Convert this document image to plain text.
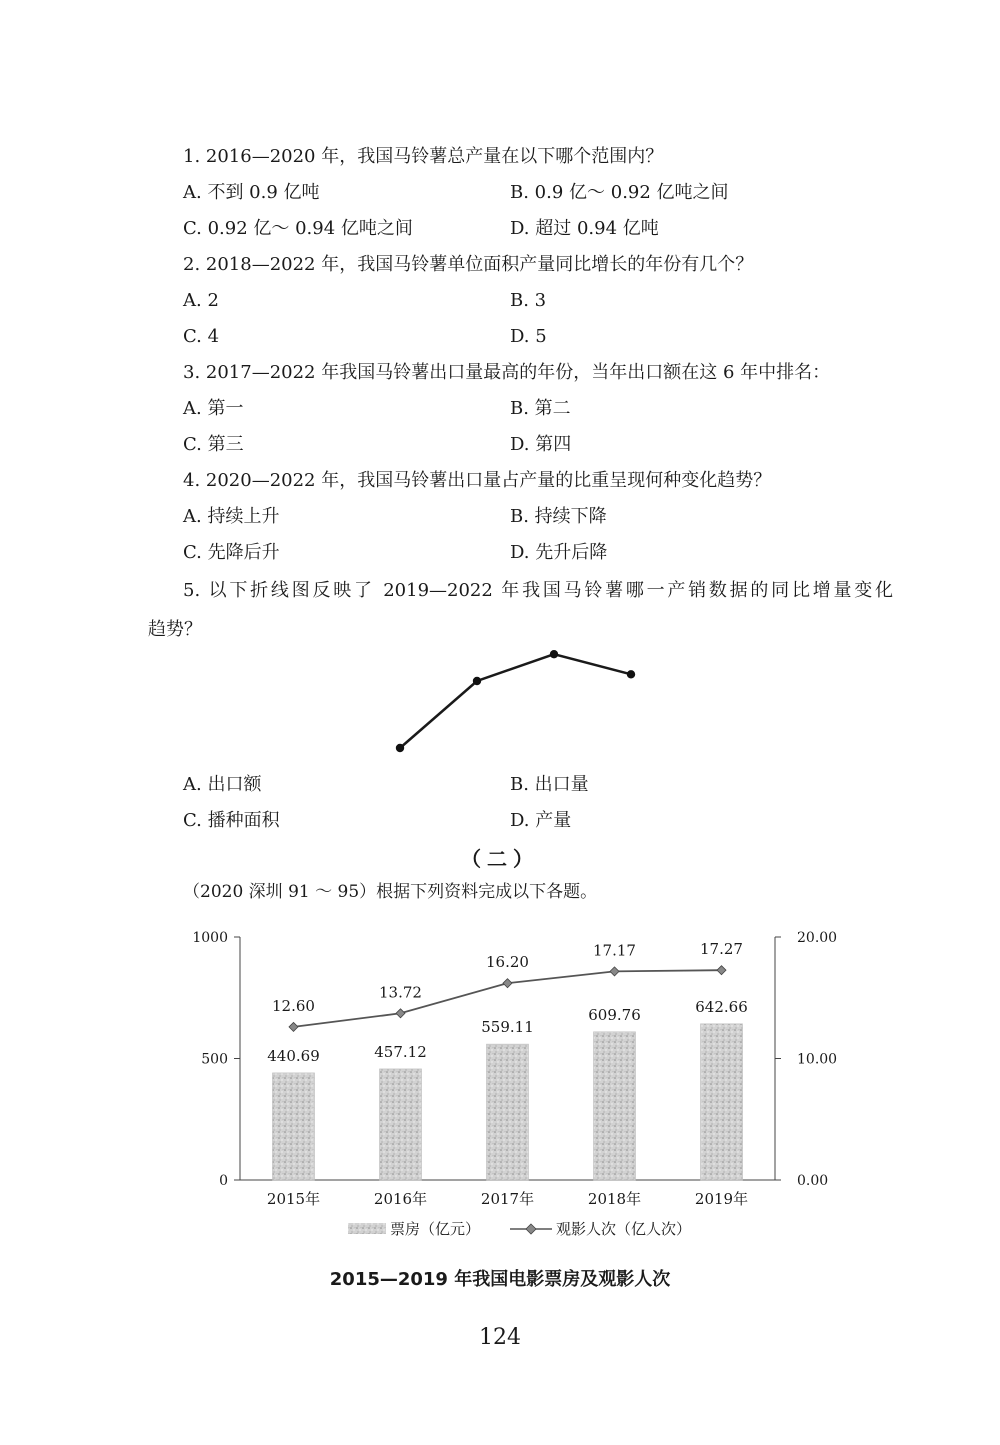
1. 2016—2020 年，我国马铃薯总产量在以下哪个范围内？
A. 不到 0.9 亿吨	B. 0.9 亿～ 0.92 亿吨之间
C. 0.92 亿～ 0.94 亿吨之间	D. 超过 0.94 亿吨
2. 2018—2022 年，我国马铃薯单位面积产量同比增长的年份有几个？
A. 2	B. 3
C. 4	D. 5
3. 2017—2022 年我国马铃薯出口量最高的年份，当年出口额在这 6 年中排名：
A. 第一	B. 第二
C. 第三	D. 第四
4. 2020—2022 年，我国马铃薯出口量占产量的比重呈现何种变化趋势？
A. 持续上升	B. 持续下降
C. 先降后升	D. 先升后降
5. 以下折线图反映了 2019—2022 年我国马铃薯哪一产销数据的同比增量变化
趋势？
A. 出口额	B. 出口量
C. 播种面积	D. 产量
（二）
（2020 深圳 91 ～ 95）根据下列资料完成以下各题。
0
500
1000
0.00
10.00
20.00
440.69	457.12
559.11
609.76	642.66
12.60
13.72
16.20
17.17	17.27
2015年	2016年	2017年	2018年	2019年
票房（亿元）	观影人次（亿人次）
2015—2019 年我国电影票房及观影人次
124
